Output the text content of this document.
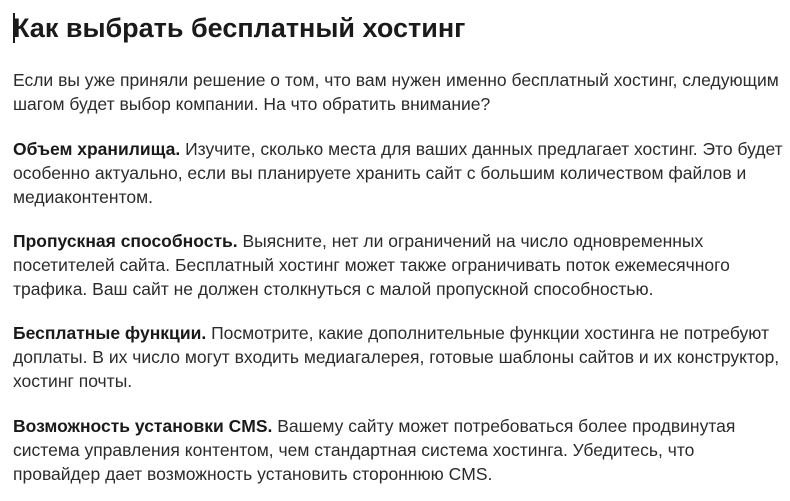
Как выбрать бесплатный хостинг

Если вы уже приняли решение о том, что вам нужен именно бесплатный хостинг, следующим шагом будет выбор компании. На что обратить внимание?

Объем хранилища. Изучите, сколько места для ваших данных предлагает хостинг. Это будет особенно актуально, если вы планируете хранить сайт с большим количеством файлов и медиаконтентом.

Пропускная способность. Выясните, нет ли ограничений на число одновременных посетителей сайта. Бесплатный хостинг может также ограничивать поток ежемесячного трафика. Ваш сайт не должен столкнуться с малой пропускной способностью.

Бесплатные функции. Посмотрите, какие дополнительные функции хостинга не потребуют доплаты. В их число могут входить медиагалерея, готовые шаблоны сайтов и их конструктор, хостинг почты.

Возможность установки CMS. Вашему сайту может потребоваться более продвинутая система управления контентом, чем стандартная система хостинга. Убедитесь, что провайдер дает возможность установить стороннюю CMS.
